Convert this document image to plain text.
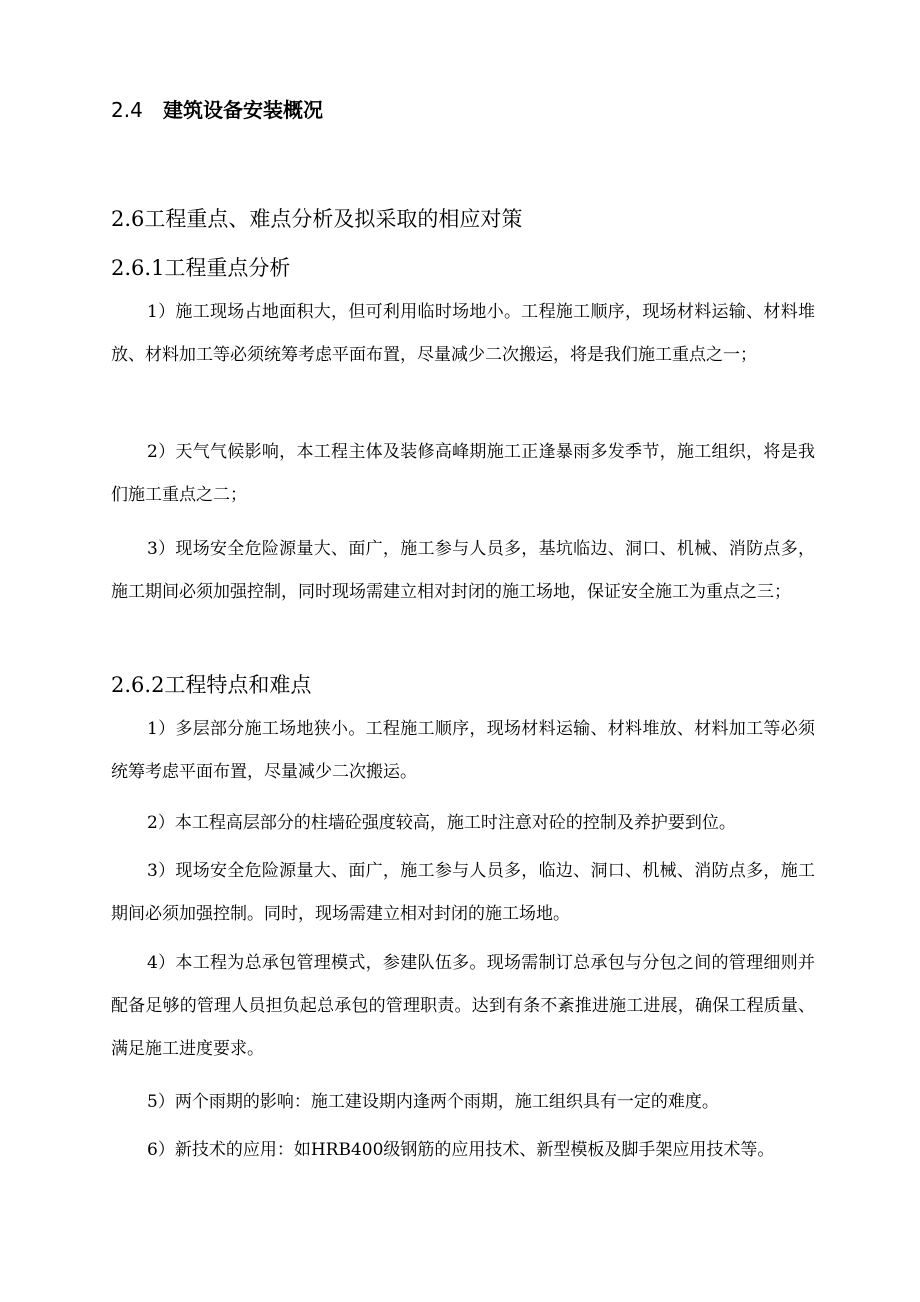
2.4 建筑设备安装概况
2.6工程重点、难点分析及拟采取的相应对策
2.6.1工程重点分析
1）施工现场占地面积大，但可利用临时场地小。工程施工顺序，现场材料运输、材料堆放、材料加工等必须统筹考虑平面布置，尽量减少二次搬运，将是我们施工重点之一；
2）天气气候影响，本工程主体及装修高峰期施工正逢暴雨多发季节，施工组织，将是我们施工重点之二；
3）现场安全危险源量大、面广，施工参与人员多，基坑临边、洞口、机械、消防点多，施工期间必须加强控制，同时现场需建立相对封闭的施工场地，保证安全施工为重点之三；
2.6.2工程特点和难点
1）多层部分施工场地狭小。工程施工顺序，现场材料运输、材料堆放、材料加工等必须统筹考虑平面布置，尽量减少二次搬运。
2）本工程高层部分的柱墙砼强度较高，施工时注意对砼的控制及养护要到位。
3）现场安全危险源量大、面广，施工参与人员多，临边、洞口、机械、消防点多，施工期间必须加强控制。同时，现场需建立相对封闭的施工场地。
4）本工程为总承包管理模式，参建队伍多。现场需制订总承包与分包之间的管理细则并配备足够的管理人员担负起总承包的管理职责。达到有条不紊推进施工进展，确保工程质量、满足施工进度要求。
5）两个雨期的影响：施工建设期内逢两个雨期，施工组织具有一定的难度。
6）新技术的应用：如HRB400级钢筋的应用技术、新型模板及脚手架应用技术等。
